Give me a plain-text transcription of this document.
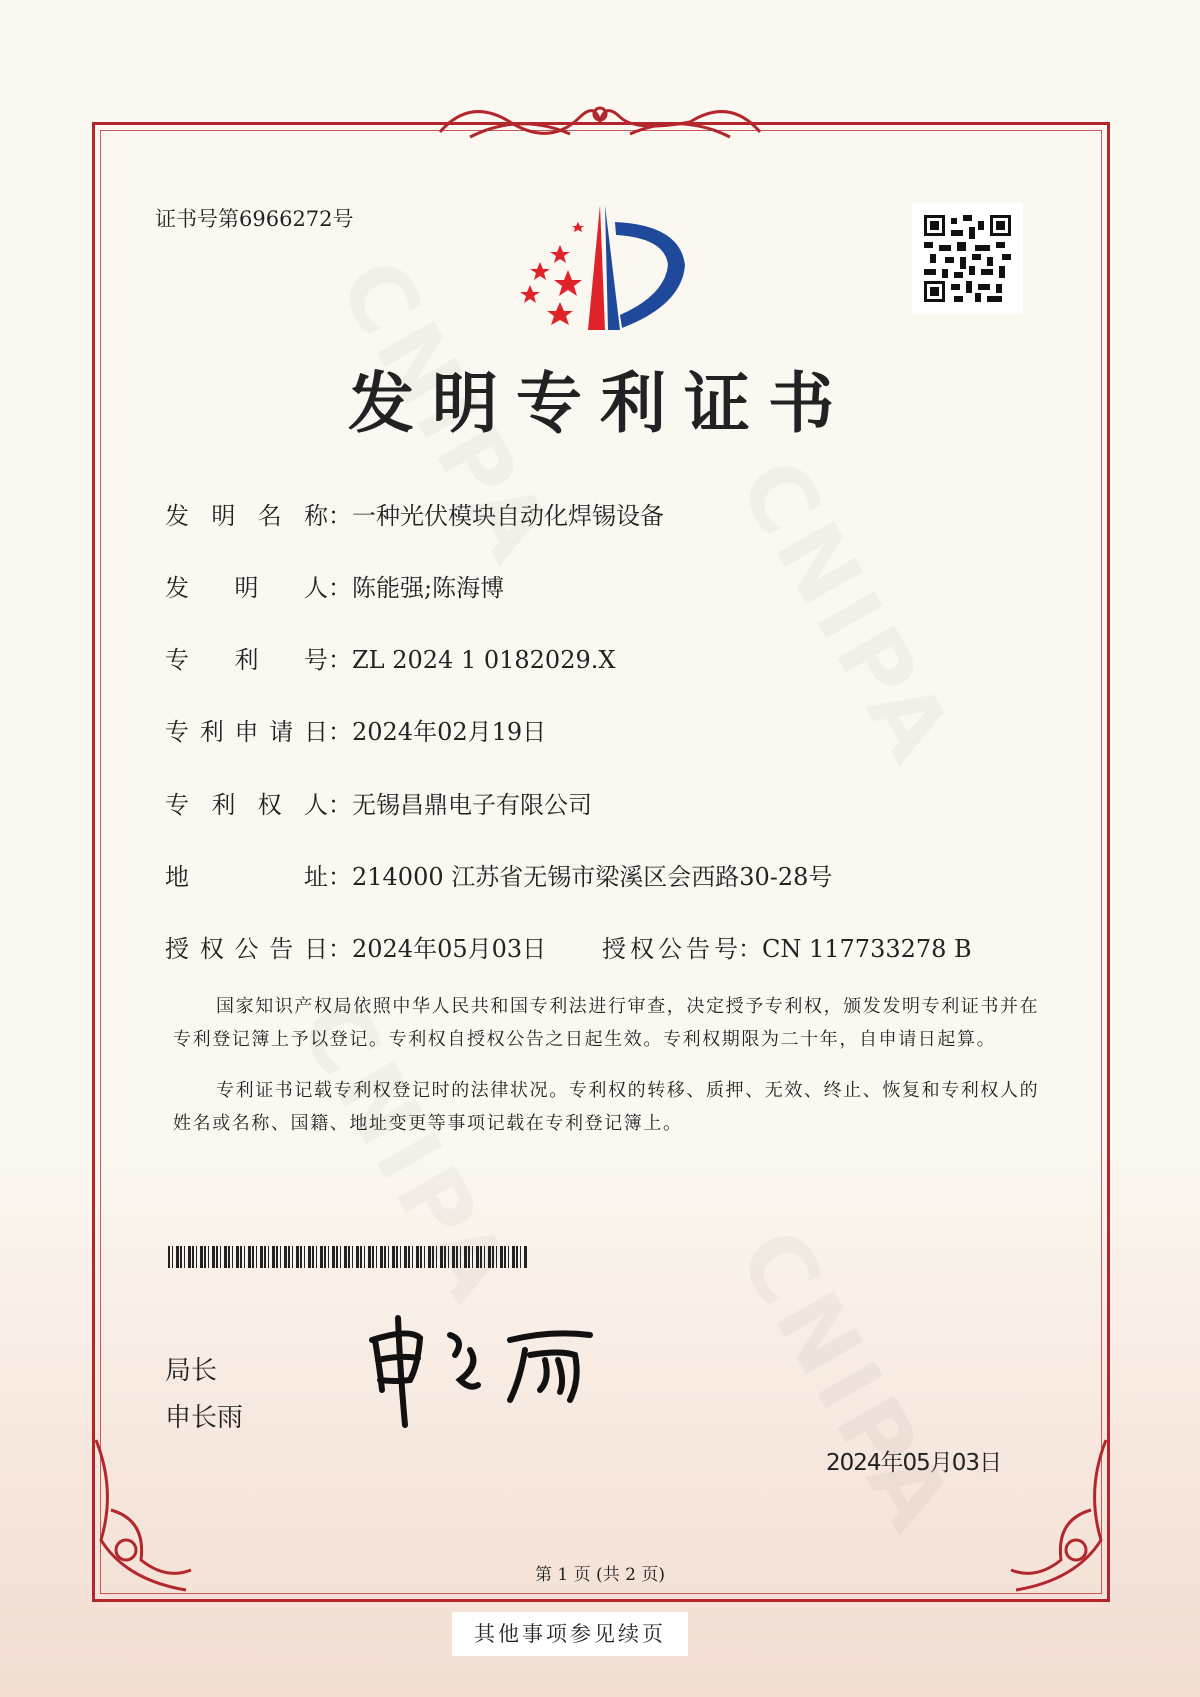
证书号第6966272号
发明专利证书
发明名称：一种光伏模块自动化焊锡设备
发明人：陈能强;陈海博
专利号：ZL 2024 1 0182029.X
专利申请日：2024年02月19日
专利权人：无锡昌鼎电子有限公司
地址：214000 江苏省无锡市梁溪区会西路30-28号
授权公告日：2024年05月03日 授权公告号：CN 117733278 B

国家知识产权局依照中华人民共和国专利法进行审查，决定授予专利权，颁发发明专利证书并在专利登记簿上予以登记。专利权自授权公告之日起生效。专利权期限为二十年，自申请日起算。

专利证书记载专利权登记时的法律状况。专利权的转移、质押、无效、终止、恢复和专利权人的姓名或名称、国籍、地址变更等事项记载在专利登记簿上。

局长
申长雨
2024年05月03日
第 1 页 (共 2 页)
其他事项参见续页
